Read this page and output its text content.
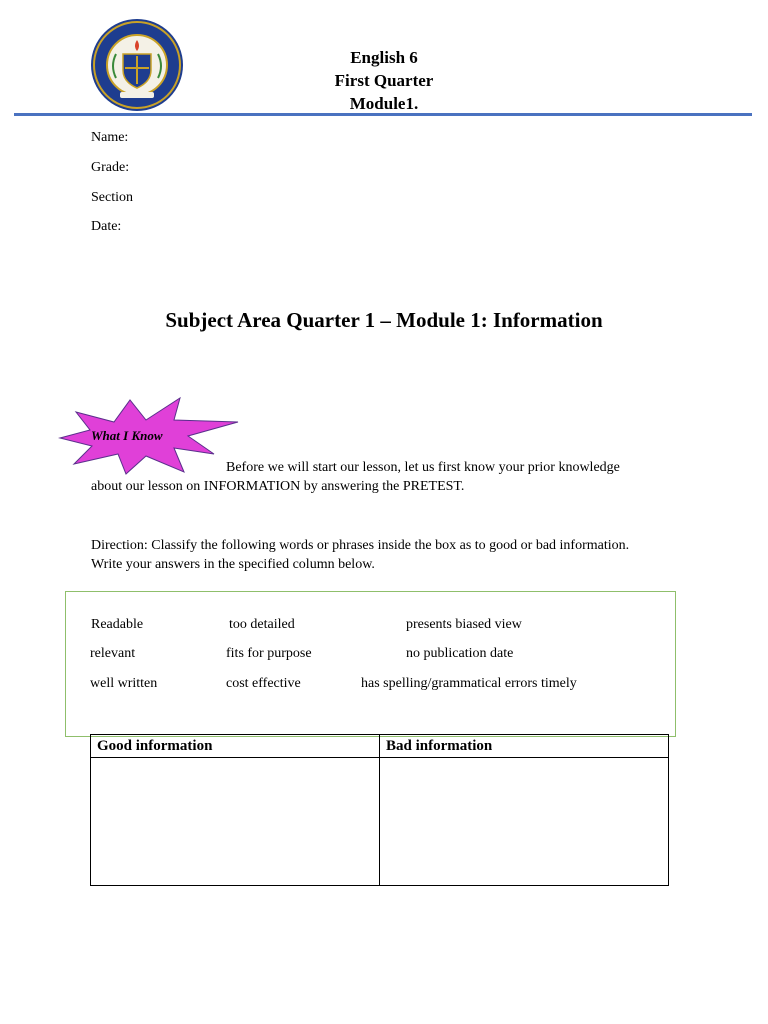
English 6
First Quarter
Module1.
Name:
Grade:
Section
Date:
Subject Area Quarter 1 – Module 1: Information
What I Know
Before we will start our lesson, let us first know your prior knowledge
about our lesson on INFORMATION by answering the PRETEST.
Direction: Classify the following words or phrases inside the box as to good or bad information.
Write your answers in the specified column below.
Readable	too detailed	presents biased view
relevant	fits for purpose	no publication date
well written	cost effective	has spelling/grammatical errors timely
Good information	Bad information
